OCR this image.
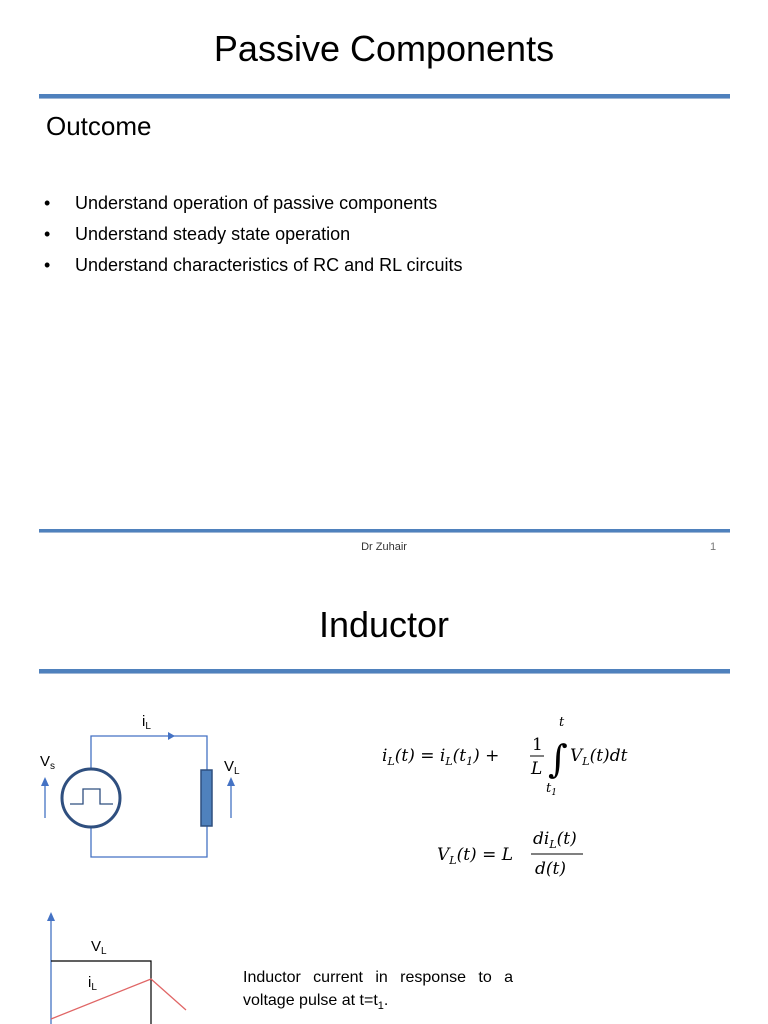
Passive Components
Outcome
• Understand operation of passive components
• Understand steady state operation
• Understand characteristics of RC and RL circuits
Dr Zuhair	1
Inductor
$i_L$
$V_s$	$V_L$
$i_L(t) = i_L(t_1)$ +
1
L ∫
t
$t_1$
$V_L(t)dt$
$V_L(t) = L$
$di_L(t)$
d(t)
$V_L$
$i_L$
Inductor current in response to a voltage pulse at $t=t_1$.
